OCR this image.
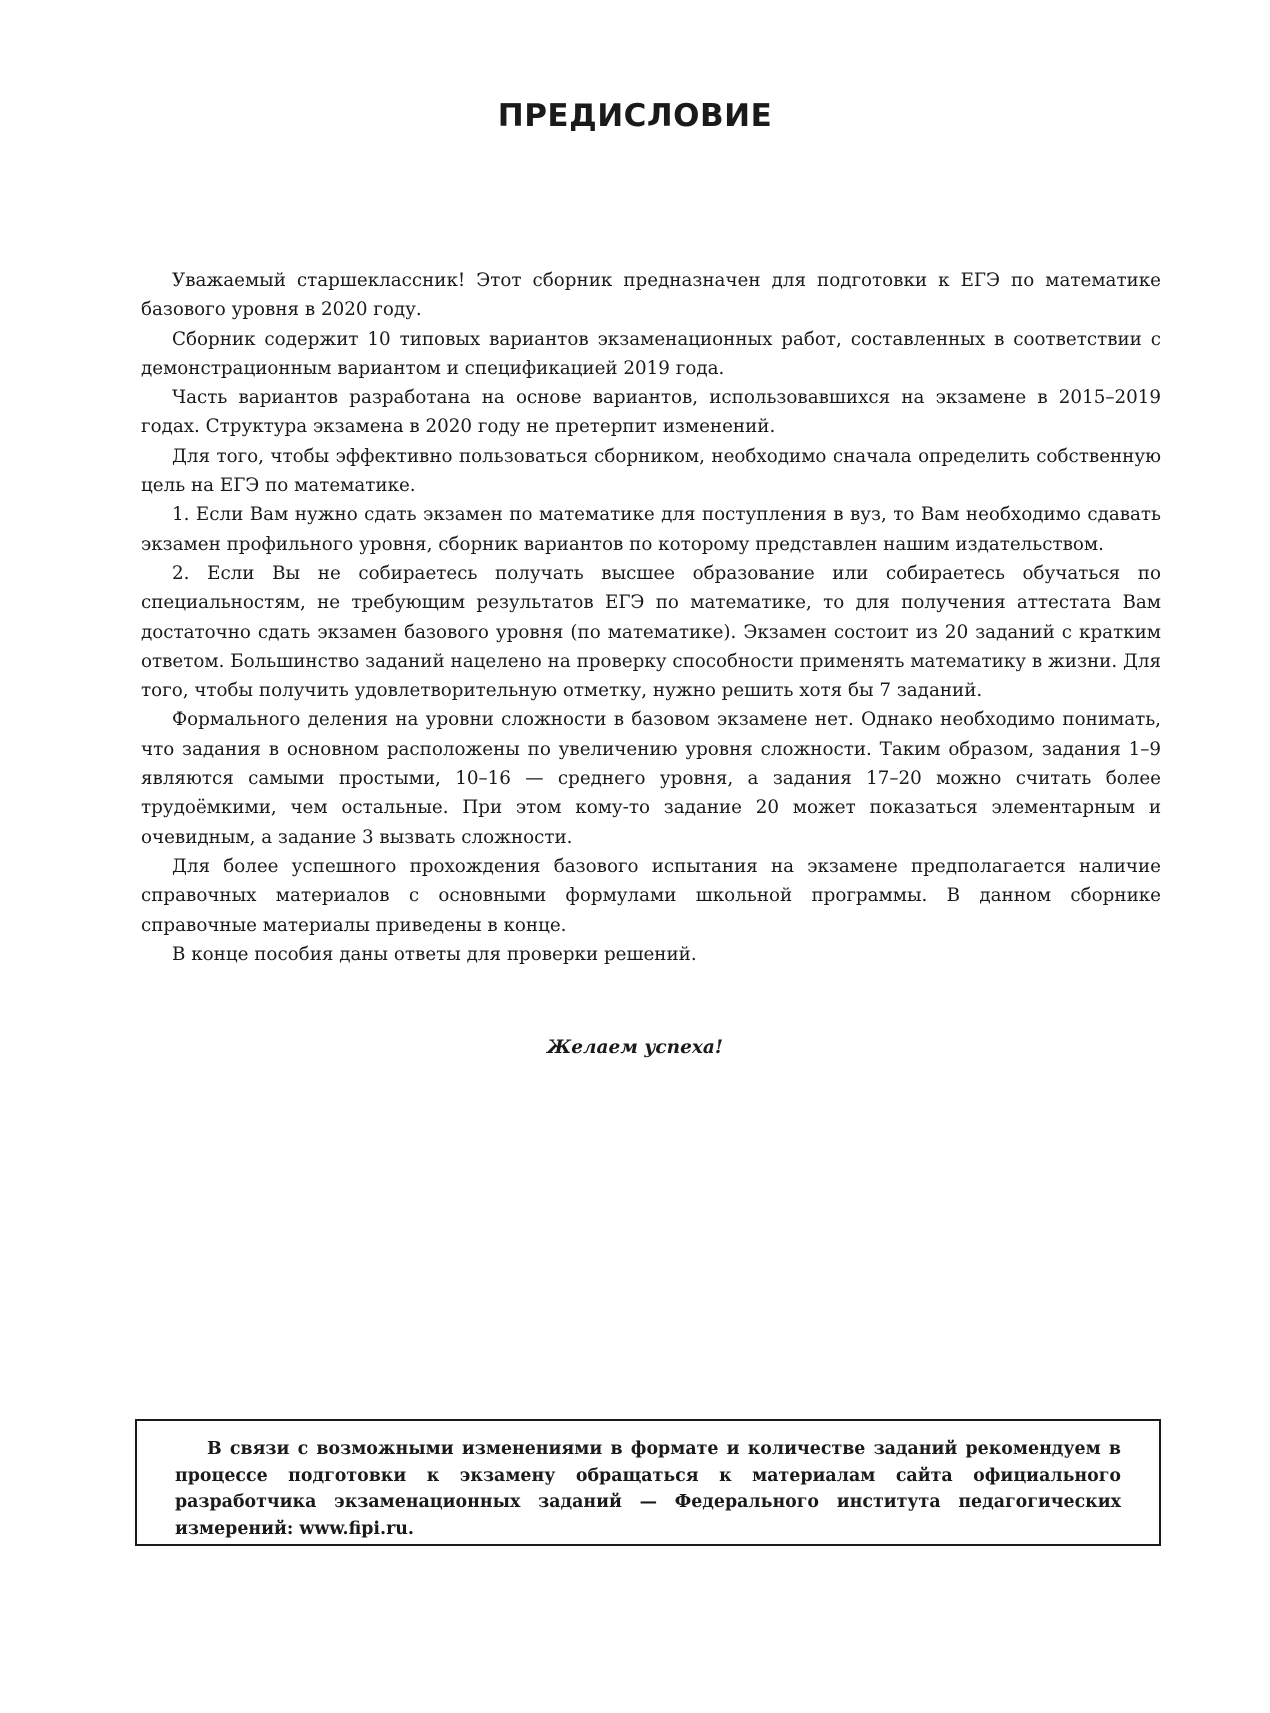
ПРЕДИСЛОВИЕ

Уважаемый старшеклассник! Этот сборник предназначен для подготовки к ЕГЭ по математике базового уровня в 2020 году.

Сборник содержит 10 типовых вариантов экзаменационных работ, составленных в соответствии с демонстрационным вариантом и спецификацией 2019 года.

Часть вариантов разработана на основе вариантов, использовавшихся на экзамене в 2015–2019 годах. Структура экзамена в 2020 году не претерпит изменений.

Для того, чтобы эффективно пользоваться сборником, необходимо сначала определить собственную цель на ЕГЭ по математике.

1. Если Вам нужно сдать экзамен по математике для поступления в вуз, то Вам необходимо сдавать экзамен профильного уровня, сборник вариантов по которому представлен нашим издательством.

2. Если Вы не собираетесь получать высшее образование или собираетесь обучаться по специальностям, не требующим результатов ЕГЭ по математике, то для получения аттестата Вам достаточно сдать экзамен базового уровня (по математике). Экзамен состоит из 20 заданий с кратким ответом. Большинство заданий нацелено на проверку способности применять математику в жизни. Для того, чтобы получить удовлетворительную отметку, нужно решить хотя бы 7 заданий.

Формального деления на уровни сложности в базовом экзамене нет. Однако необходимо понимать, что задания в основном расположены по увеличению уровня сложности. Таким образом, задания 1–9 являются самыми простыми, 10–16 — среднего уровня, а задания 17–20 можно считать более трудоёмкими, чем остальные. При этом кому-то задание 20 может показаться элементарным и очевидным, а задание 3 вызвать сложности.

Для более успешного прохождения базового испытания на экзамене предполагается наличие справочных материалов с основными формулами школьной программы. В данном сборнике справочные материалы приведены в конце.

В конце пособия даны ответы для проверки решений.

Желаем успеха!

В связи с возможными изменениями в формате и количестве заданий рекомендуем в процессе подготовки к экзамену обращаться к материалам сайта официального разработчика экзаменационных заданий — Федерального института педагогических измерений: www.fipi.ru.
